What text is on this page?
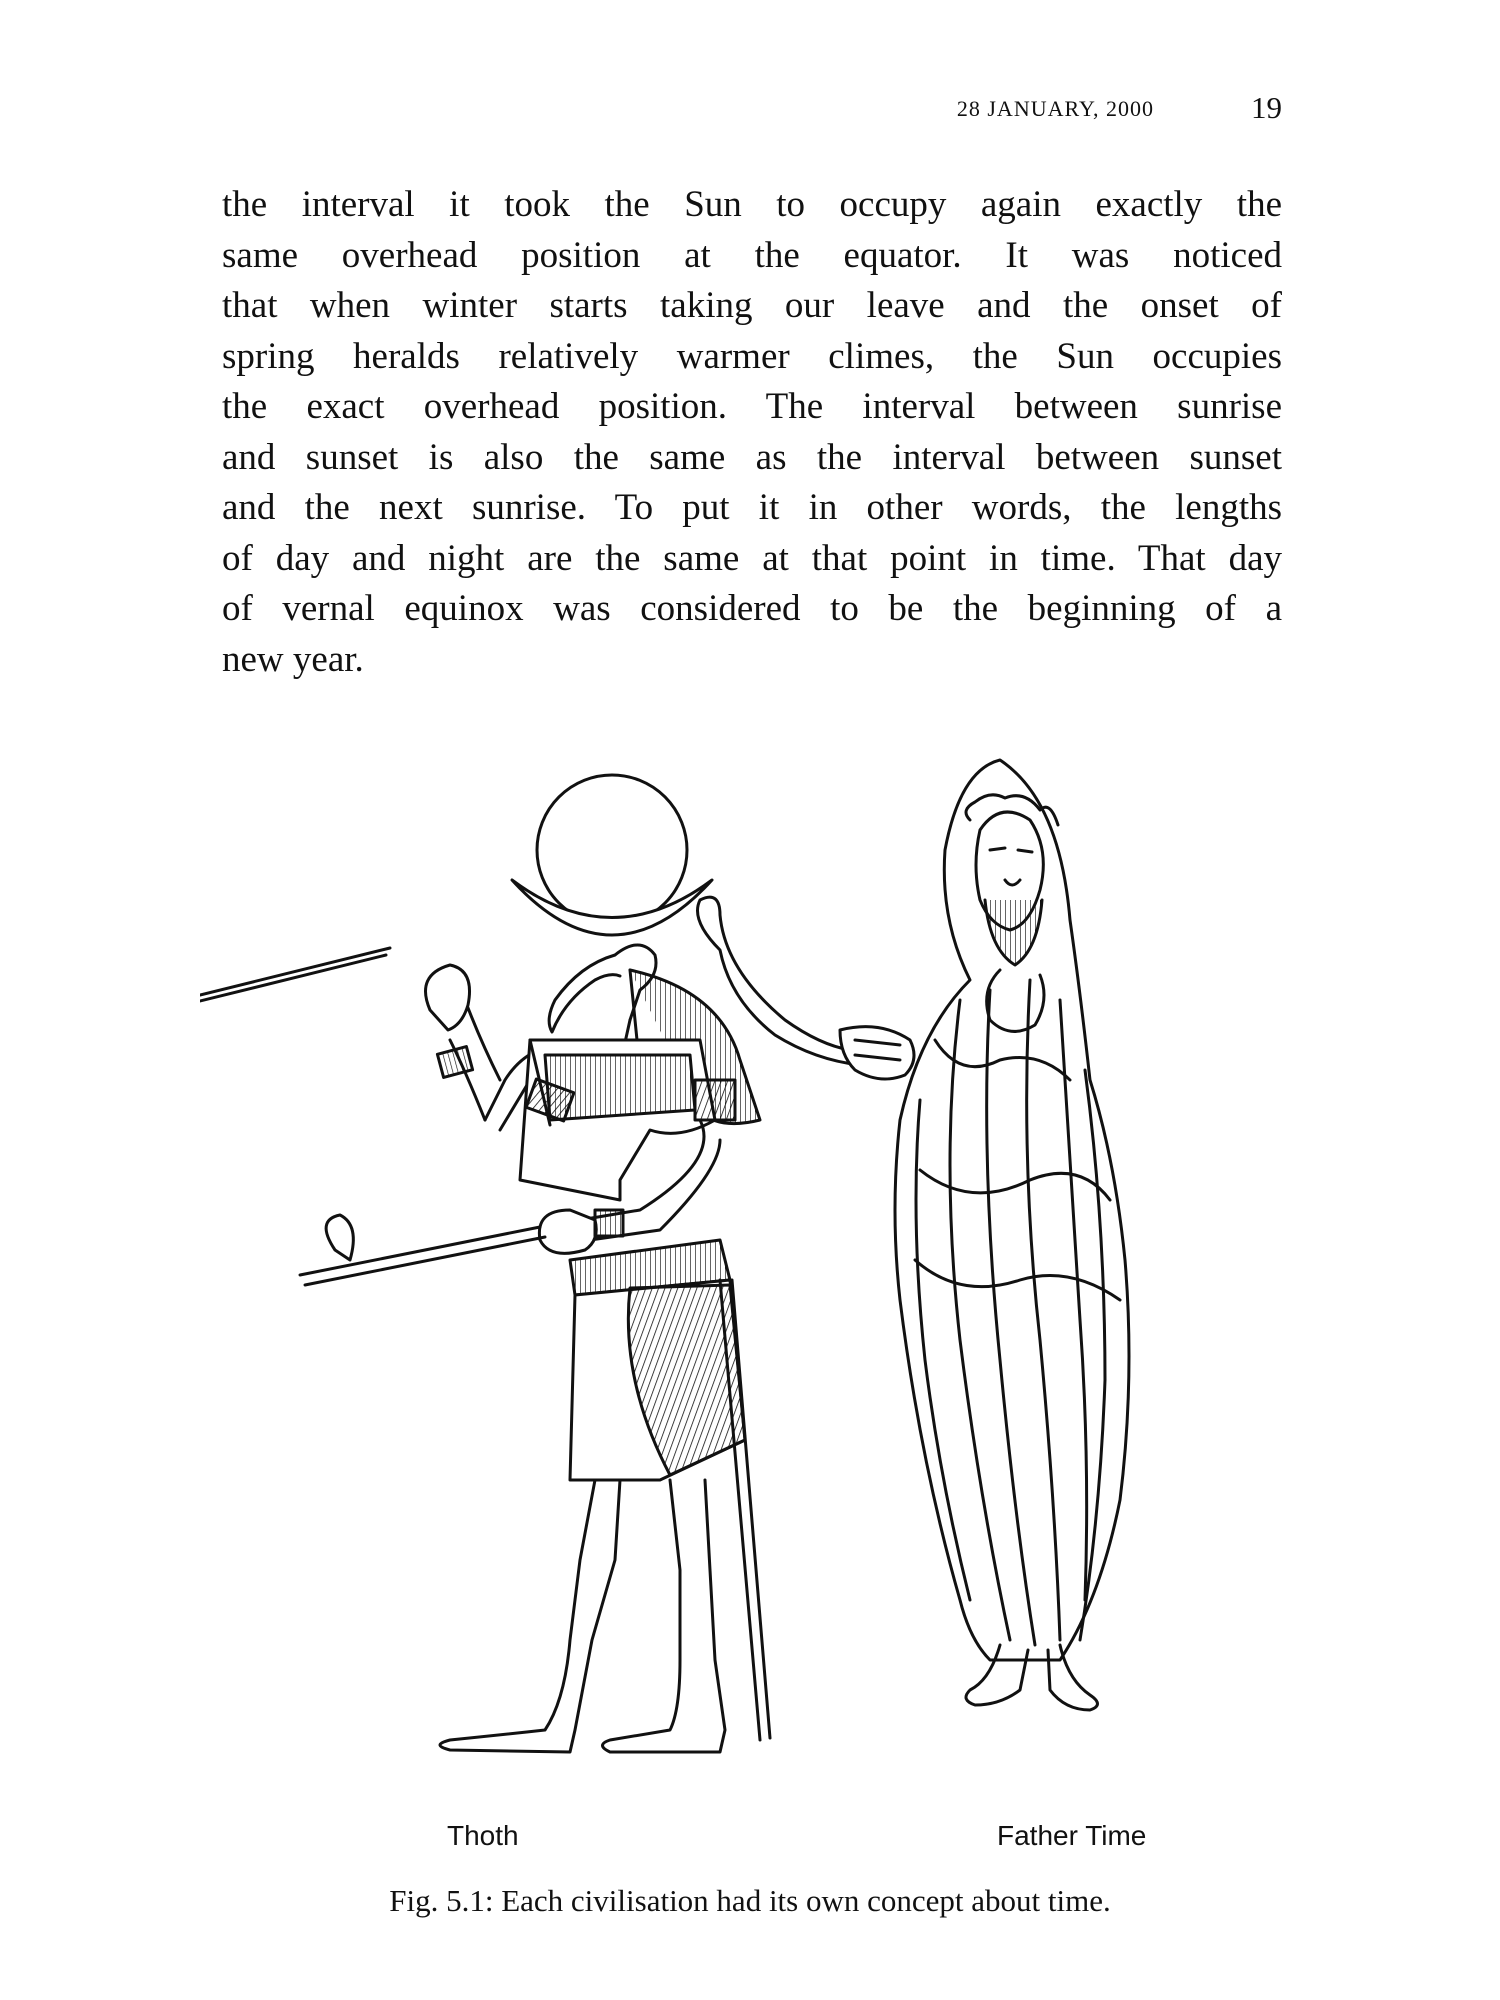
28 JANUARY, 2000	19

the interval it took the Sun to occupy again exactly the
same overhead position at the equator. It was noticed
that when winter starts taking our leave and the onset of
spring heralds relatively warmer climes, the Sun occupies
the exact overhead position. The interval between sunrise
and sunset is also the same as the interval between sunset
and the next sunrise. To put it in other words, the lengths
of day and night are the same at that point in time. That day
of vernal equinox was considered to be the beginning of a
new year.

Thoth	Father Time
Fig. 5.1: Each civilisation had its own concept about time.
